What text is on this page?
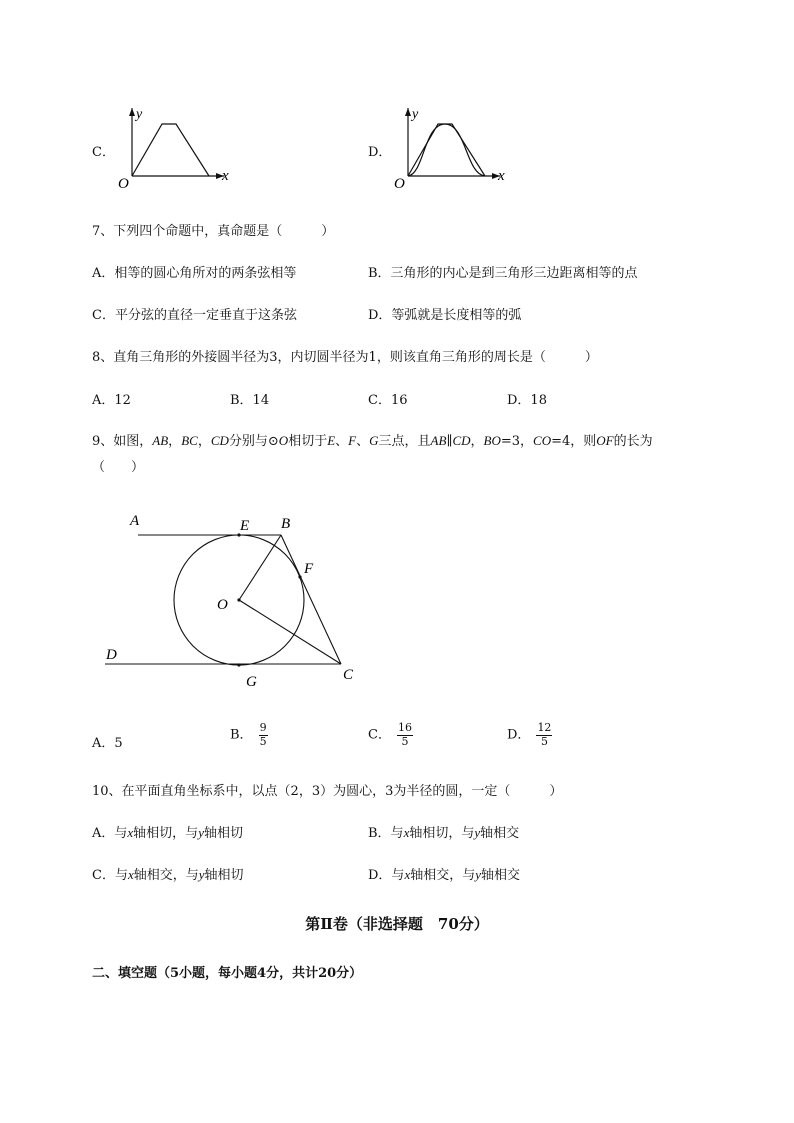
C．
y
x
O
D．
y
x
O
7、下列四个命题中，真命题是（　　　）
A．相等的圆心角所对的两条弦相等	B．三角形的内心是到三角形三边距离相等的点
C．平分弦的直径一定垂直于这条弦	D．等弧就是长度相等的弧
8、直角三角形的外接圆半径为3，内切圆半径为1，则该直角三角形的周长是（　　　）
A．12	B．14	C．16	D．18
9、如图，AB，BC，CD分别与⊙O相切于E、F、G三点，且AB∥CD，BO=3，CO=4，则OF的长为
（　　）
A	E B
F
O
D
G	C
A．5
B． $\frac{9}{5}$	C． $\frac{16}{5}$	D． $\frac{12}{5}$
10、在平面直角坐标系中，以点（2，3）为圆心，3为半径的圆，一定（　　　）
A．与x轴相切，与y轴相切	B．与x轴相切，与y轴相交
C．与x轴相交，与y轴相切	D．与x轴相交，与y轴相交
第Ⅱ卷（非选择题　70分）
二、填空题（5小题，每小题4分，共计20分）
